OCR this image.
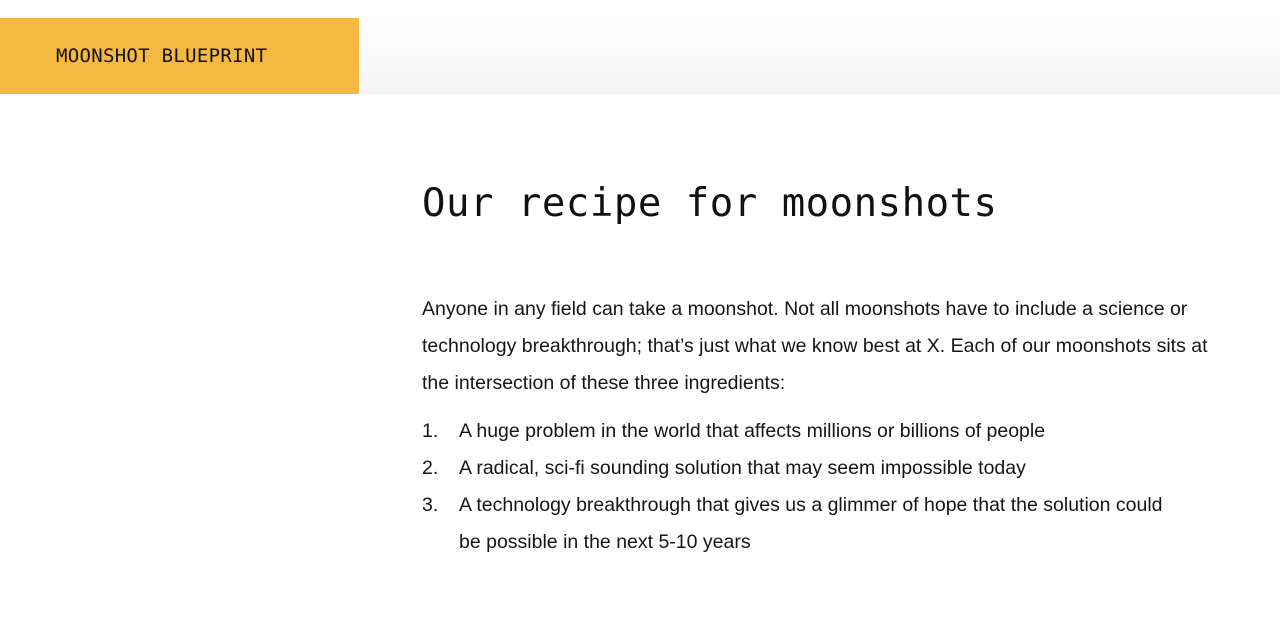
MOONSHOT BLUEPRINT
Our recipe for moonshots

Anyone in any field can take a moonshot. Not all moonshots have to include a science or technology breakthrough; that’s just what we know best at X. Each of our moonshots sits at the intersection of these three ingredients:

1.	A huge problem in the world that affects millions or billions of people
2.	A radical, sci-fi sounding solution that may seem impossible today
3.	A technology breakthrough that gives us a glimmer of hope that the solution could be possible in the next 5-10 years
